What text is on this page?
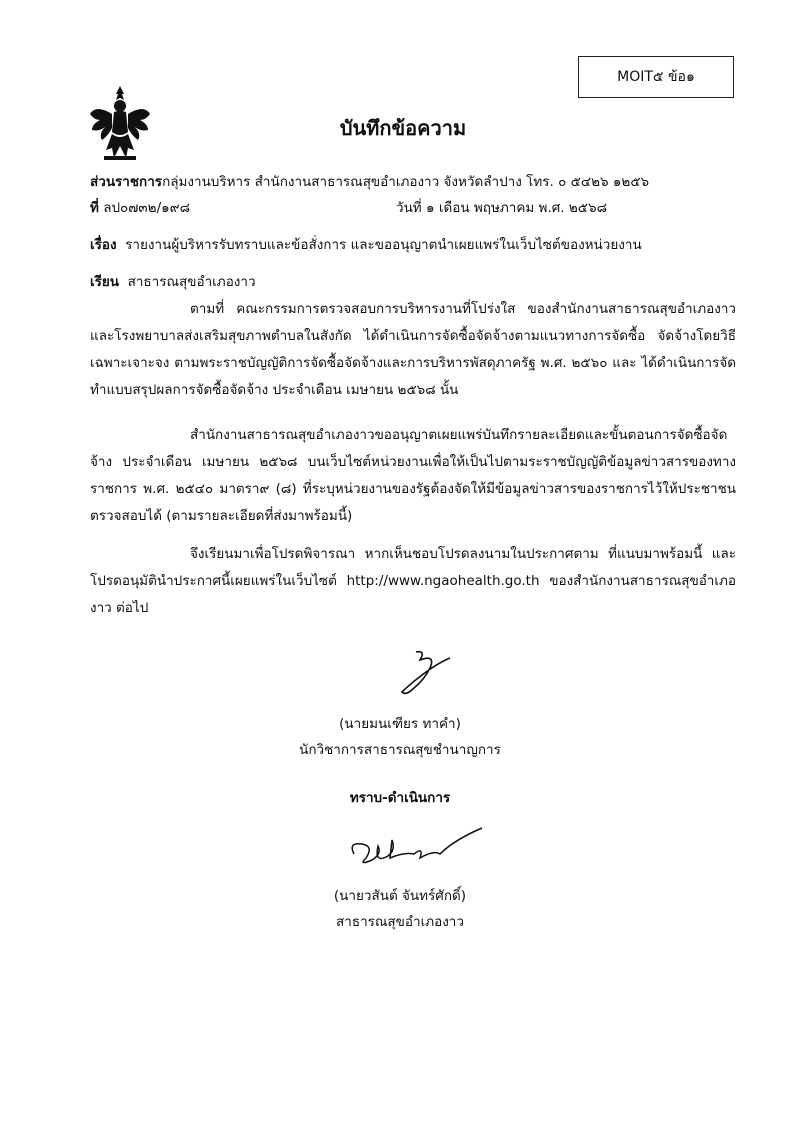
MOIT๕ ข้อ๑
บันทึกข้อความ
ส่วนราชการกลุ่มงานบริหาร สำนักงานสาธารณสุขอำเภองาว จังหวัดลำปาง โทร. ๐ ๕๔๒๖ ๑๒๕๖
ที่ ลป๐๗๓๒/๑๙๘	วันที่ ๑ เดือน พฤษภาคม พ.ศ. ๒๕๖๘
เรื่อง รายงานผู้บริหารรับทราบและข้อสั่งการ และขออนุญาตนำเผยแพร่ในเว็บไซต์ของหน่วยงาน
เรียน สาธารณสุขอำเภองาว
ตามที่ คณะกรรมการตรวจสอบการบริหารงานที่โปร่งใส ของสำนักงานสาธารณสุขอำเภองาว และโรงพยาบาลส่งเสริมสุขภาพตำบลในสังกัด ได้ดำเนินการจัดซื้อจัดจ้างตามแนวทางการจัดซื้อ จัดจ้างโดยวิธีเฉพาะเจาะจง ตามพระราชบัญญัติการจัดซื้อจัดจ้างและการบริหารพัสดุภาครัฐ พ.ศ. ๒๕๖๐ และ ได้ดำเนินการจัดทำแบบสรุปผลการจัดซื้อจัดจ้าง ประจำเดือน เมษายน ๒๕๖๘ นั้น
สำนักงานสาธารณสุขอำเภองาวขออนุญาตเผยแพร่บันทึกรายละเอียดและขั้นตอนการจัดซื้อจัดจ้าง ประจำเดือน เมษายน ๒๕๖๘ บนเว็บไซต์หน่วยงานเพื่อให้เป็นไปตามระราชบัญญัติข้อมูลข่าวสารของทางราชการ พ.ศ. ๒๕๔๐ มาตรา๙ (๘) ที่ระบุหน่วยงานของรัฐต้องจัดให้มีข้อมูลข่าวสารของราชการไว้ให้ประชาชนตรวจสอบได้ (ตามรายละเอียดที่ส่งมาพร้อมนี้)
จึงเรียนมาเพื่อโปรดพิจารณา หากเห็นชอบโปรดลงนามในประกาศตาม ที่แนบมาพร้อมนี้ และโปรดอนุมัตินำประกาศนี้เผยแพร่ในเว็บไซต์ http://www.ngaohealth.go.th ของสำนักงานสาธารณสุขอำเภองาว ต่อไป
(นายมนเฑียร ทาคำ)
นักวิชาการสาธารณสุขชำนาญการ
ทราบ-ดำเนินการ
(นายวสันต์ จันทร์ศักดิ์)
สาธารณสุขอำเภองาว
